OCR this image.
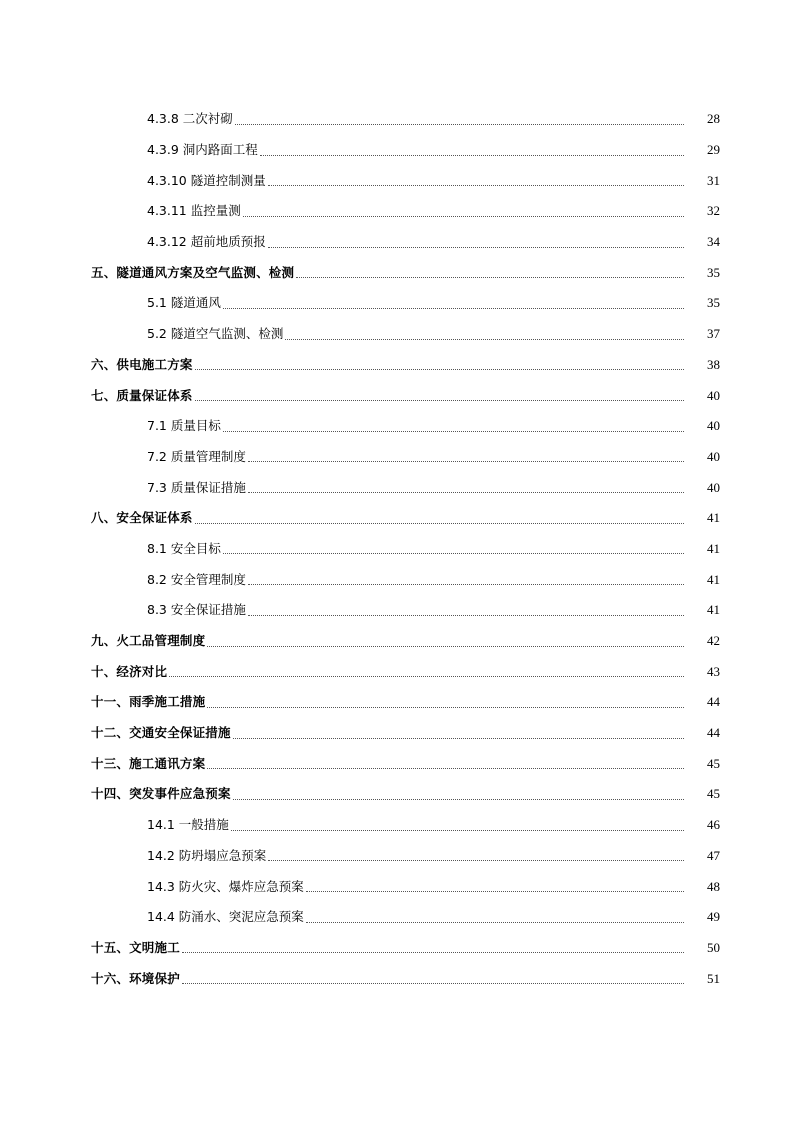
4.3.8 二次衬砌	28
4.3.9 洞内路面工程	29
4.3.10 隧道控制测量	31
4.3.11 监控量测	32
4.3.12 超前地质预报	34
五、隧道通风方案及空气监测、检测	35
5.1 隧道通风	35
5.2 隧道空气监测、检测	37
六、供电施工方案	38
七、质量保证体系	40
7.1 质量目标	40
7.2 质量管理制度	40
7.3 质量保证措施	40
八、安全保证体系	41
8.1 安全目标	41
8.2 安全管理制度	41
8.3 安全保证措施	41
九、火工品管理制度	42
十、经济对比	43
十一、雨季施工措施	44
十二、交通安全保证措施	44
十三、施工通讯方案	45
十四、突发事件应急预案	45
14.1 一般措施	46
14.2 防坍塌应急预案	47
14.3 防火灾、爆炸应急预案	48
14.4 防涌水、突泥应急预案	49
十五、文明施工	50
十六、环境保护	51
